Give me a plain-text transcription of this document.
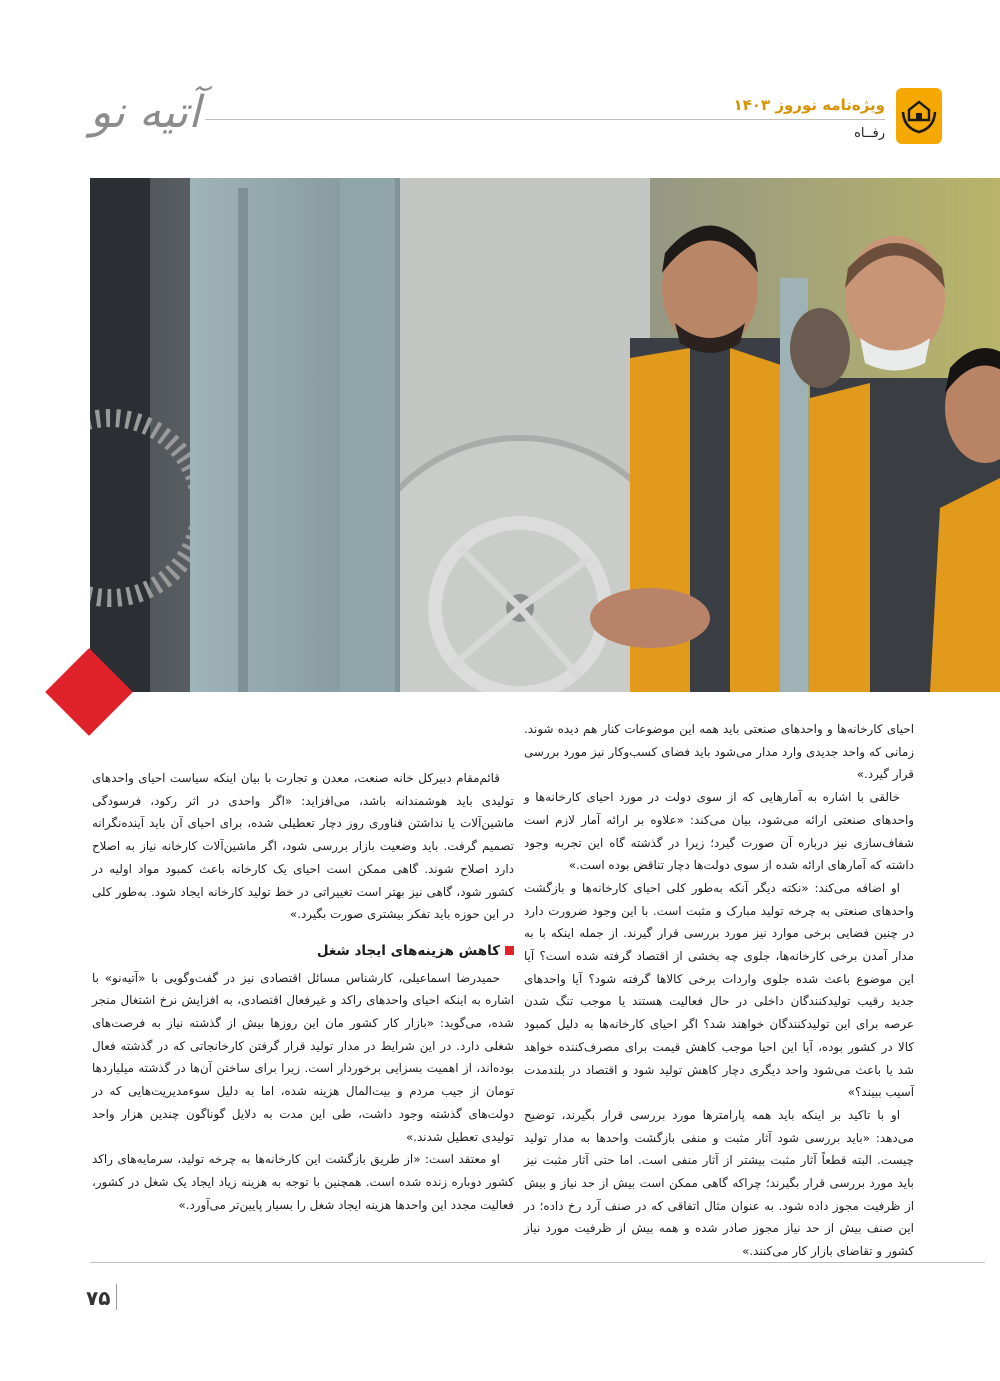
آتیه نو	ویژه‌نامه نوروز ۱۴۰۳
رفــاه

احیای کارخانه‌ها و واحدهای صنعتی باید همه این موضوعات کنار هم دیده شوند. زمانی که واحد جدیدی وارد مدار می‌شود باید فضای کسب‌وکار نیز مورد بررسی قرار گیرد.»

خالقی با اشاره به آمارهایی که از سوی دولت در مورد احیای کارخانه‌ها و واحدهای صنعتی ارائه می‌شود، بیان می‌کند: «علاوه بر ارائه آمار لازم است شفاف‌سازی نیز درباره آن صورت گیرد؛ زیرا در گذشته گاه این تجربه وجود داشته که آمارهای ارائه شده از سوی دولت‌ها دچار تناقض بوده است.»

او اضافه می‌کند: «نکته دیگر آنکه به‌طور کلی احیای کارخانه‌ها و بازگشت واحدهای صنعتی به چرخه تولید مبارک و مثبت است. با این وجود ضرورت دارد در چنین فضایی برخی موارد نیز مورد بررسی قرار گیرند. از جمله اینکه با به مدار آمدن برخی کارخانه‌ها، جلوی چه بخشی از اقتصاد گرفته شده است؟ آیا این موضوع باعث شده جلوی واردات برخی کالاها گرفته شود؟ آیا واحدهای جدید رقیب تولیدکنندگان داخلی در حال فعالیت هستند یا موجب تنگ شدن عرصه برای این تولیدکنندگان خواهند شد؟ اگر احیای کارخانه‌ها به دلیل کمبود کالا در کشور بوده، آیا این احیا موجب کاهش قیمت برای مصرف‌کننده خواهد شد یا باعث می‌شود واحد دیگری دچار کاهش تولید شود و اقتصاد در بلندمدت آسیب ببیند؟»

او با تاکید بر اینکه باید همه پارامترها مورد بررسی قرار بگیرند، توضیح می‌دهد: «باید بررسی شود آثار مثبت و منفی بازگشت واحدها به مدار تولید چیست. البته قطعاً آثار مثبت بیشتر از آثار منفی است. اما حتی آثار مثبت نیز باید مورد بررسی قرار بگیرند؛ چراکه گاهی ممکن است بیش از حد نیاز و بیش از ظرفیت مجوز داده شود. به عنوان مثال اتفاقی که در صنف آرد رخ داده؛ در این صنف بیش از حد نیاز مجوز صادر شده و همه بیش از ظرفیت مورد نیاز کشور و تقاضای بازار کار می‌کنند.»

قائم‌مقام دبیرکل خانه صنعت، معدن و تجارت با بیان اینکه سیاست احیای واحدهای تولیدی باید هوشمندانه باشد، می‌افزاید: «اگر واحدی در اثر رکود، فرسودگی ماشین‌آلات یا نداشتن فناوری روز دچار تعطیلی شده، برای احیای آن باید آینده‌نگرانه تصمیم گرفت. باید وضعیت بازار بررسی شود، اگر ماشین‌آلات کارخانه نیاز به اصلاح دارد اصلاح شوند. گاهی ممکن است احیای یک کارخانه باعث کمبود مواد اولیه در کشور شود، گاهی نیز بهتر است تغییراتی در خط تولید کارخانه ایجاد شود. به‌طور کلی در این حوزه باید تفکر بیشتری صورت بگیرد.»

کاهش هزینه‌های ایجاد شغل

حمیدرضا اسماعیلی، کارشناس مسائل اقتصادی نیز در گفت‌وگویی با «آتیه‌نو» با اشاره به اینکه احیای واحدهای راکد و غیرفعال اقتصادی، به افزایش نرخ اشتغال منجر شده، می‌گوید: «بازار کار کشور مان این روزها بیش از گذشته نیاز به فرصت‌های شغلی دارد. در این شرایط در مدار تولید قرار گرفتن کارخانجاتی که در گذشته فعال بوده‌اند، از اهمیت بسزایی برخوردار است. زیرا برای ساختن آن‌ها در گذشته میلیاردها تومان از جیب مردم و بیت‌المال هزینه شده، اما به دلیل سوءمدیریت‌هایی که در دولت‌های گذشته وجود داشت، طی این مدت به دلایل گوناگون چندین هزار واحد تولیدی تعطیل شدند.»

او معتقد است: «از طریق بازگشت این کارخانه‌ها به چرخه تولید، سرمایه‌های راکد کشور دوباره زنده شده است. همچنین با توجه به هزینه زیاد ایجاد یک شغل در کشور، فعالیت مجدد این واحدها هزینه ایجاد شغل را بسیار پایین‌تر می‌آورد.»

۷۵
